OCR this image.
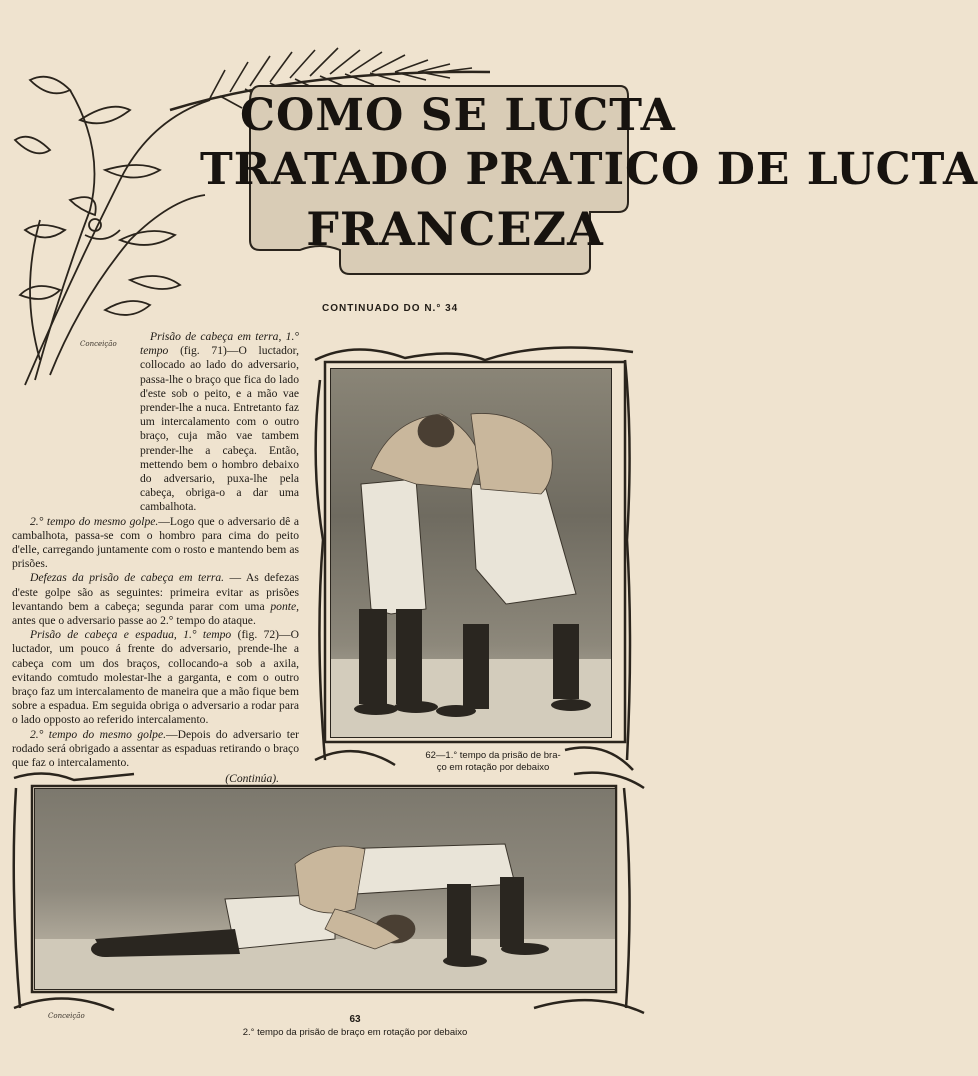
Conceição
COMO SE LUCTA
TRATADO PRATICO DE LUCTA
FRANCEZA
CONTINUADO DO N.° 34

Prisão de cabeça em terra, 1.° tempo (fig. 71)—O luctador, collocado ao lado do adversario, passa-lhe o braço que fica do lado d'este sob o peito, e a mão vae prender-lhe a nuca. Entretanto faz um intercalamento com o outro braço, cuja mão vae tambem prender-lhe a cabeça. Então, mettendo bem o hombro debaixo do adversario, puxa-lhe pela cabeça, obriga-o a dar uma cambalhota.

2.° tempo do mesmo golpe.—Logo que o adversario dê a cambalhota, passa-se com o hombro para cima do peito d'elle, carregando juntamente com o rosto e mantendo bem as prisões.

Defezas da prisão de cabeça em terra. — As defezas d'este golpe são as seguintes: primeira evitar as prisões levantando bem a cabeça; segunda parar com uma ponte, antes que o adversario passe ao 2.° tempo do ataque.

Prisão de cabeça e espadua, 1.° tempo (fig. 72)—O luctador, um pouco á frente do adversario, prende-lhe a cabeça com um dos braços, collocando-a sob a axila, evitando comtudo molestar-lhe a garganta, e com o outro braço faz um intercalamento de maneira que a mão fique bem sobre a espadua. Em seguida obriga o adversario a rodar para o lado opposto ao referido intercalamento.

2.° tempo do mesmo golpe.—Depois do adversario ter rodado será obrigado a assentar as espaduas retirando o braço que faz o intercalamento.

(Continúa).

62—1.° tempo da prisão de bra-
ço em rotação por debaixo
Conceição	63
2.° tempo da prisão de braço em rotação por debaixo
